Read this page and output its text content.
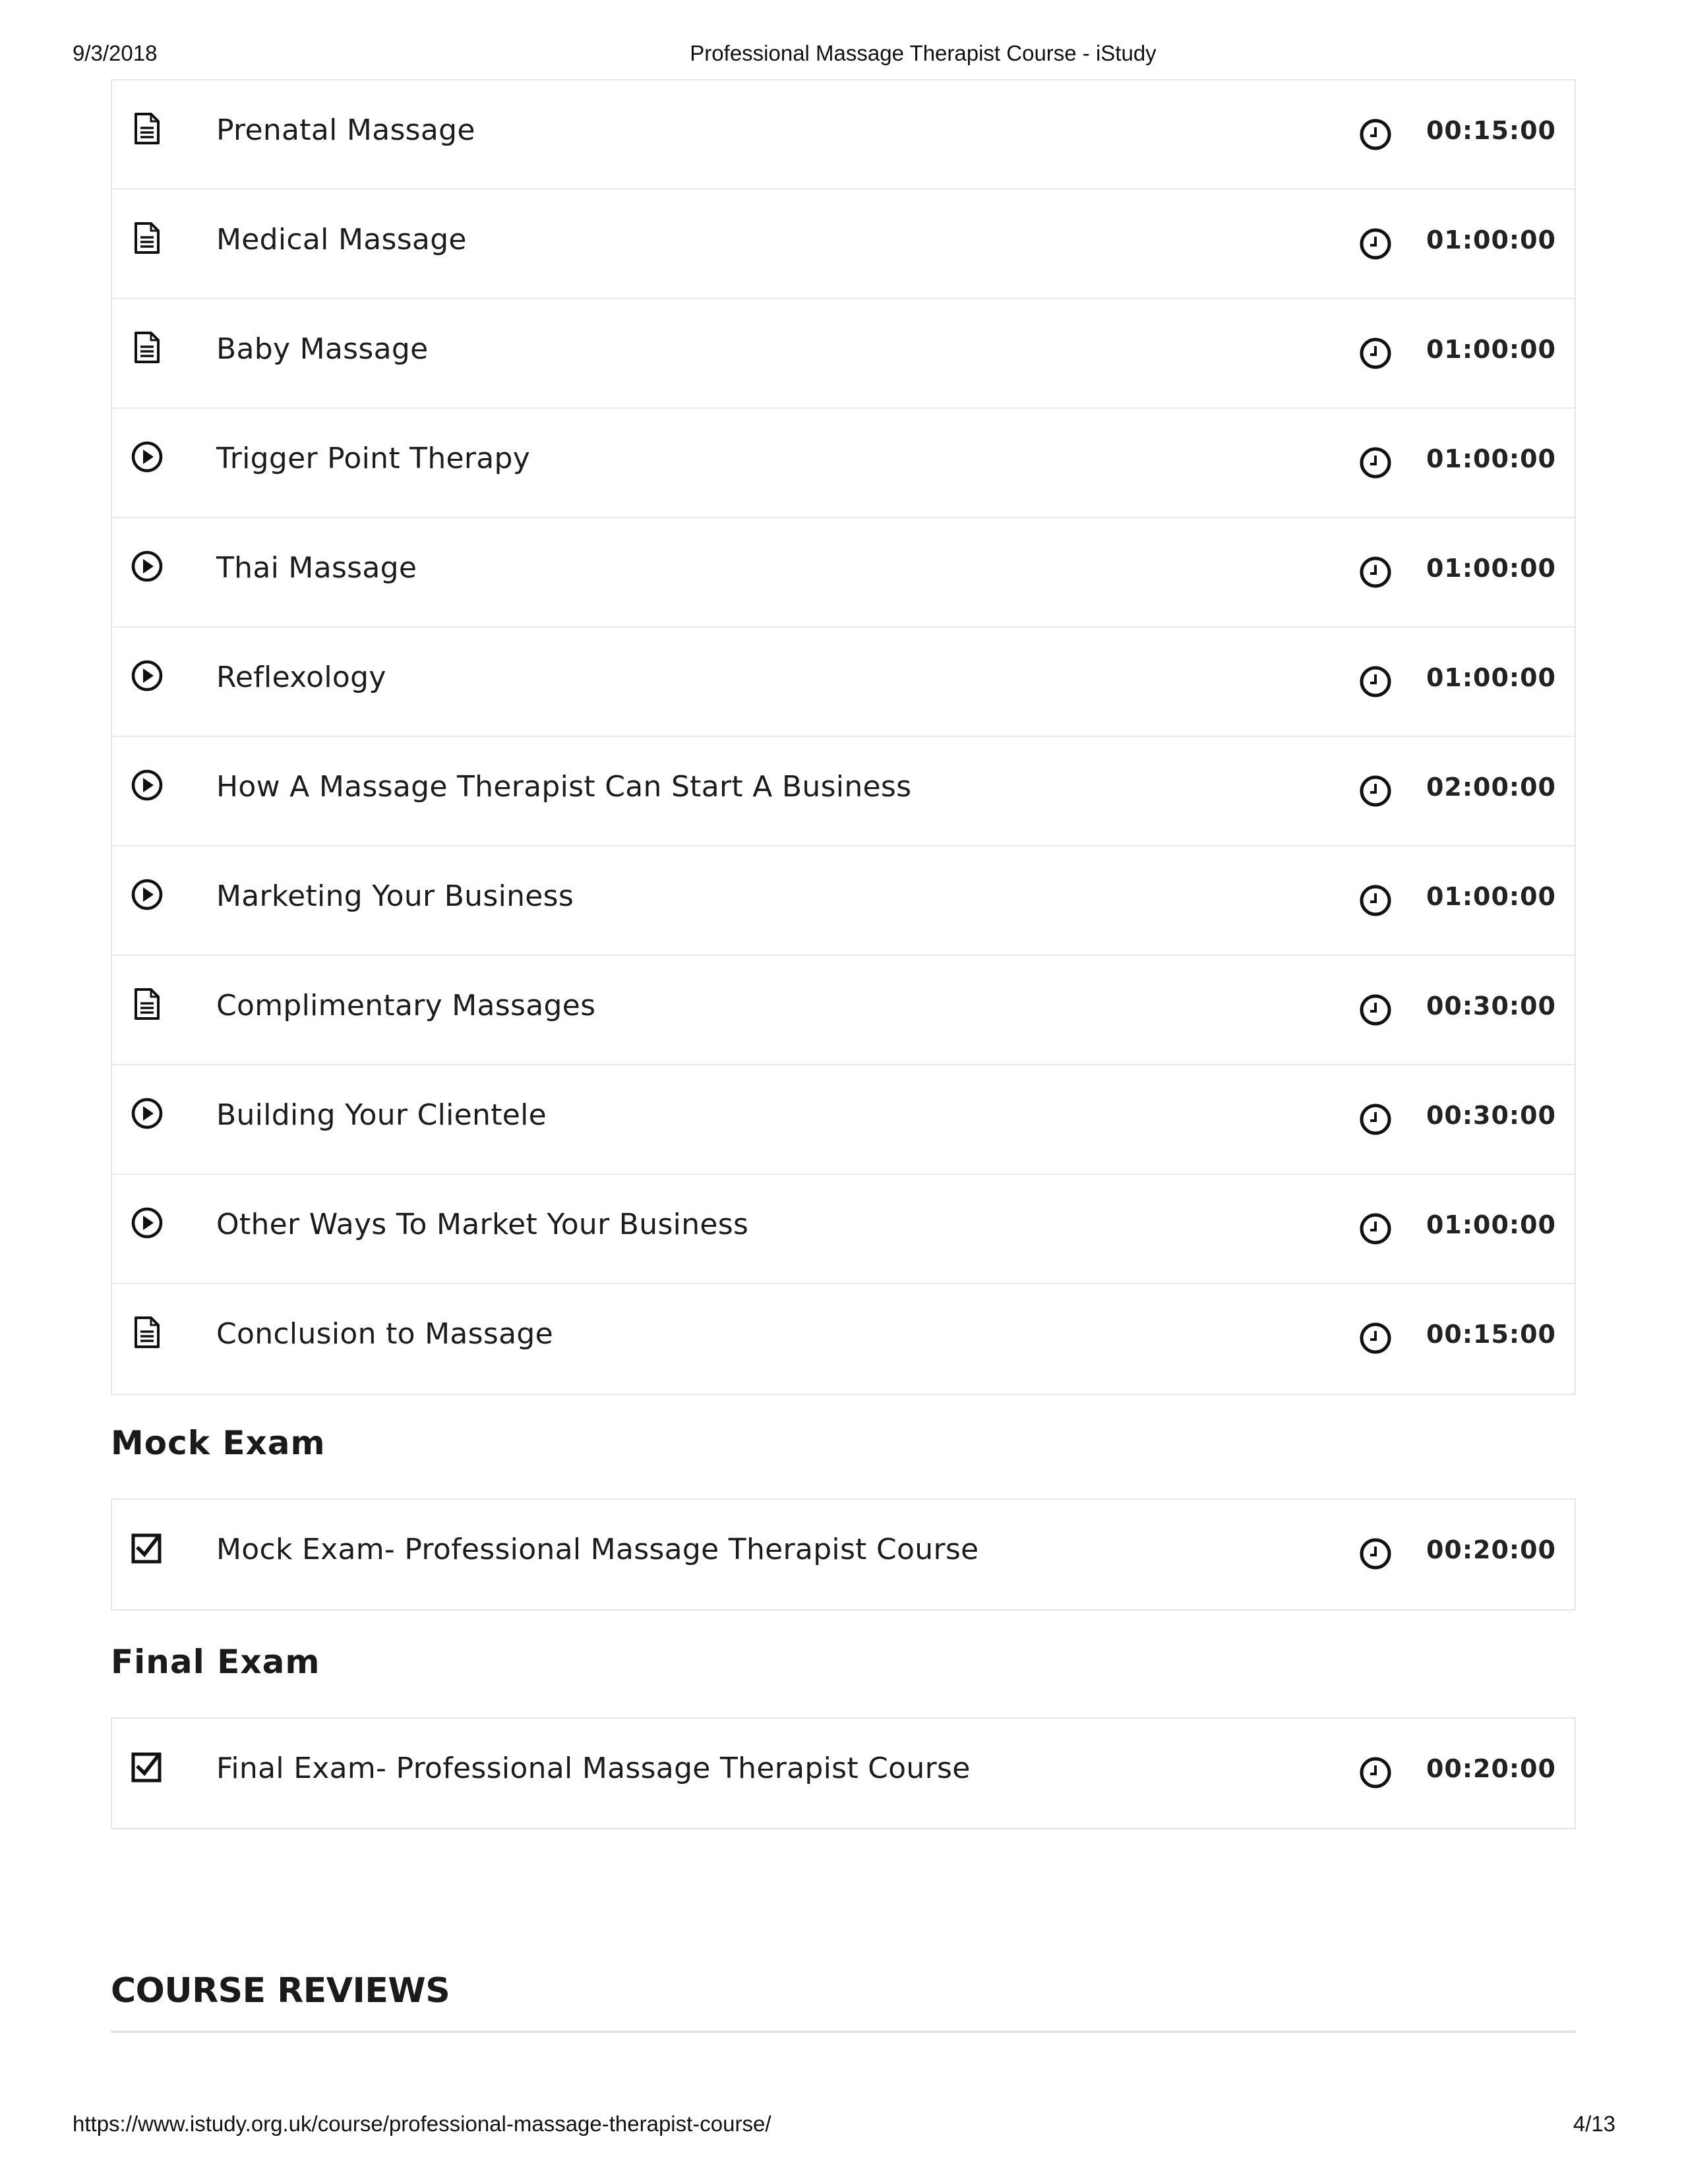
9/3/2018	Professional Massage Therapist Course - iStudy
Prenatal Massage	00:15:00
Medical Massage	01:00:00
Baby Massage	01:00:00
Trigger Point Therapy	01:00:00
Thai Massage	01:00:00
Reflexology	01:00:00
How A Massage Therapist Can Start A Business	02:00:00
Marketing Your Business	01:00:00
Complimentary Massages	00:30:00
Building Your Clientele	00:30:00
Other Ways To Market Your Business	01:00:00
Conclusion to Massage	00:15:00
Mock Exam
Mock Exam- Professional Massage Therapist Course	00:20:00
Final Exam
Final Exam- Professional Massage Therapist Course	00:20:00
COURSE REVIEWS
https://www.istudy.org.uk/course/professional-massage-therapist-course/	4/13
